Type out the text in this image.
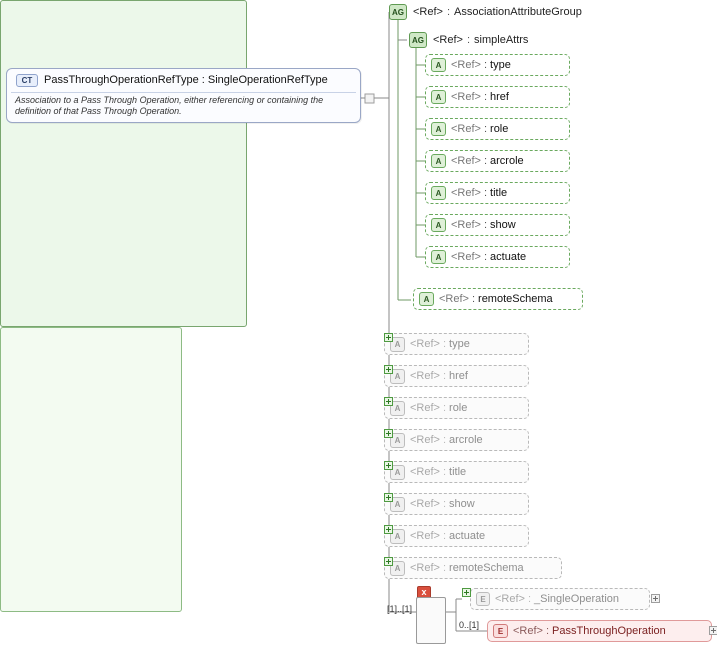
CT	PassThroughOperationRefType : SingleOperationRefType
Association to a Pass Through Operation, either referencing or containing the definition of that Pass Through Operation.
AG <Ref> : AssociationAttributeGroup
AG <Ref> : simpleAttrs
A <Ref> : type
A <Ref> : href
A <Ref> : role
A <Ref> : arcrole
A <Ref> : title
A <Ref> : show
A <Ref> : actuate
A <Ref> : remoteSchema
A <Ref> : type
A <Ref> : href
A <Ref> : role
A <Ref> : arcrole
A <Ref> : title
A <Ref> : show
A <Ref> : actuate
A <Ref> : remoteSchema
x
[1]..[1]
E <Ref> : _SingleOperation
0..[1]
E <Ref> : PassThroughOperation
